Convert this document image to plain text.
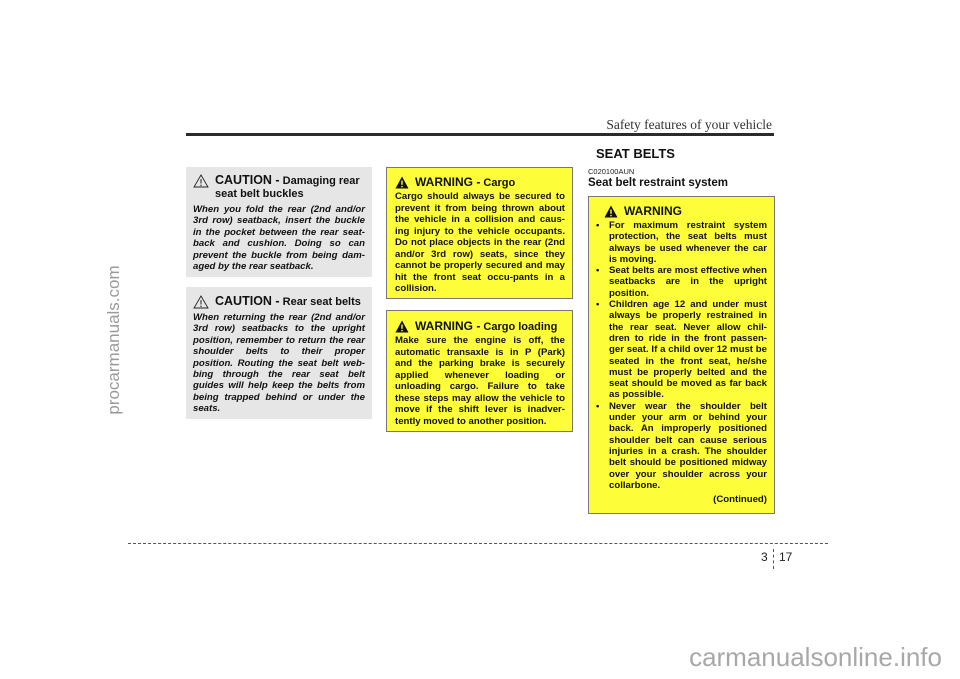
procarmanuals.com
carmanualsonline.info
Safety features of your vehicle
CAUTION - Damaging rear seat belt buckles
When you fold the rear (2nd and/or 3rd row) seatback, insert the buckle in the pocket between the rear seat-back and cushion. Doing so can prevent the buckle from being dam-aged by the rear seatback.
CAUTION - Rear seat belts
When returning the rear (2nd and/or 3rd row) seatbacks to the upright position, remember to return the rear shoulder belts to their proper position. Routing the seat belt web-bing through the rear seat belt guides will help keep the belts from being trapped behind or under the seats.
WARNING - Cargo
Cargo should always be secured to prevent it from being thrown about the vehicle in a collision and caus-ing injury to the vehicle occupants. Do not place objects in the rear (2nd and/or 3rd row) seats, since they cannot be properly secured and may hit the front seat occu-pants in a collision.
WARNING - Cargo loading
Make sure the engine is off, the automatic transaxle is in P (Park) and the parking brake is securely applied whenever loading or unloading cargo. Failure to take these steps may allow the vehicle to move if the shift lever is inadver-tently moved to another position.
SEAT BELTS
C020100AUN
Seat belt restraint system
WARNING
• For maximum restraint system protection, the seat belts must always be used whenever the car is moving.
• Seat belts are most effective when seatbacks are in the upright position.
• Children age 12 and under must always be properly restrained in the rear seat. Never allow chil-dren to ride in the front passen-ger seat. If a child over 12 must be seated in the front seat, he/she must be properly belted and the seat should be moved as far back as possible.
• Never wear the shoulder belt under your arm or behind your back. An improperly positioned shoulder belt can cause serious injuries in a crash. The shoulder belt should be positioned midway over your shoulder across your collarbone.
(Continued)
3 17
